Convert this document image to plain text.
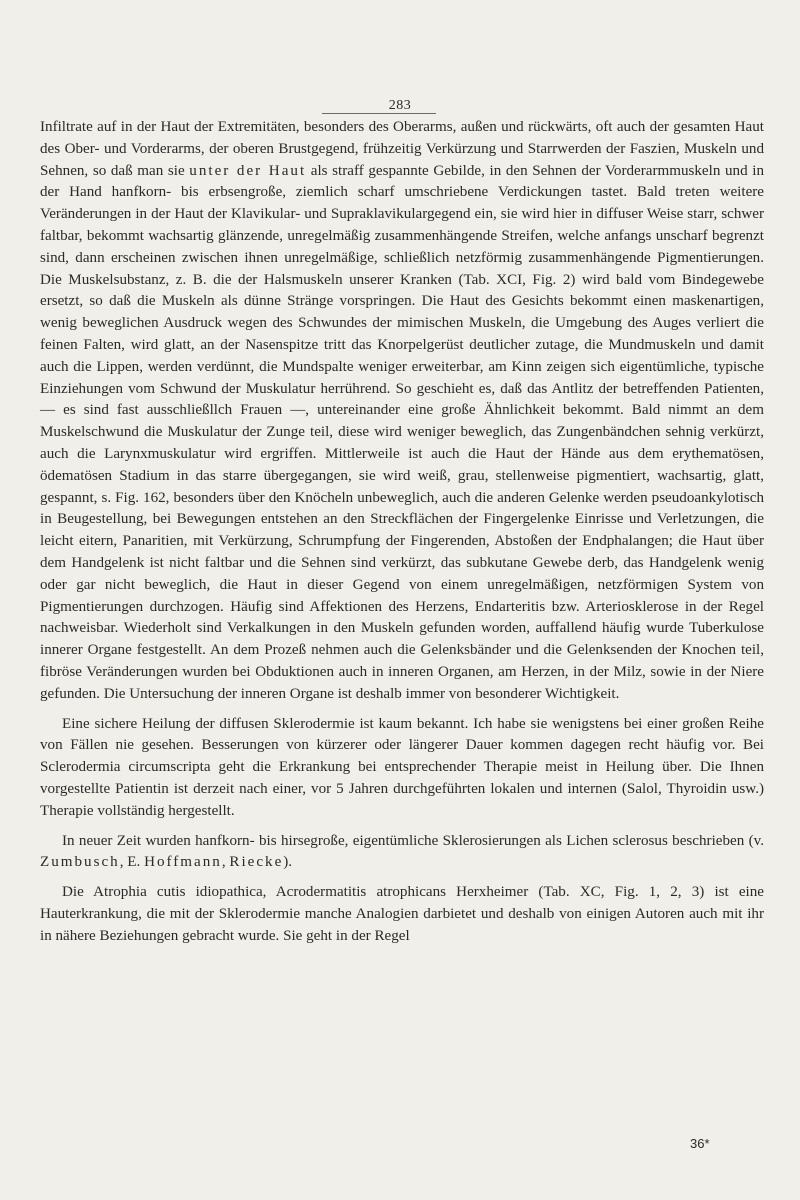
283

Infiltrate auf in der Haut der Extremitäten, besonders des Oberarms, außen und rückwärts, oft auch der gesamten Haut des Ober- und Vorderarms, der oberen Brustgegend, frühzeitig Verkürzung und Starrwerden der Faszien, Muskeln und Sehnen, so daß man sie unter der Haut als straff gespannte Gebilde, in den Sehnen der Vorderarmmuskeln und in der Hand hanfkorn- bis erbsengroße, ziemlich scharf umschriebene Verdickungen tastet. Bald treten weitere Veränderungen in der Haut der Klavikular- und Supraklavikulargegend ein, sie wird hier in diffuser Weise starr, schwer faltbar, bekommt wachsartig glänzende, unregelmäßig zusammenhängende Streifen, welche anfangs unscharf begrenzt sind, dann erscheinen zwischen ihnen unregelmäßige, schließlich netzförmig zusammenhängende Pigmentierungen. Die Muskelsubstanz, z. B. die der Halsmuskeln unserer Kranken (Tab. XCI, Fig. 2) wird bald vom Bindegewebe ersetzt, so daß die Muskeln als dünne Stränge vorspringen. Die Haut des Gesichts bekommt einen maskenartigen, wenig beweglichen Ausdruck wegen des Schwundes der mimischen Muskeln, die Umgebung des Auges verliert die feinen Falten, wird glatt, an der Nasenspitze tritt das Knorpelgerüst deutlicher zutage, die Mundmuskeln und damit auch die Lippen, werden verdünnt, die Mundspalte weniger erweiterbar, am Kinn zeigen sich eigentümliche, typische Einziehungen vom Schwund der Muskulatur herrührend. So geschieht es, daß das Antlitz der betreffenden Patienten, — es sind fast ausschließllch Frauen —, untereinander eine große Ähnlichkeit bekommt. Bald nimmt an dem Muskelschwund die Muskulatur der Zunge teil, diese wird weniger beweglich, das Zungenbändchen sehnig verkürzt, auch die Larynxmuskulatur wird ergriffen. Mittlerweile ist auch die Haut der Hände aus dem erythematösen, ödematösen Stadium in das starre übergegangen, sie wird weiß, grau, stellenweise pigmentiert, wachsartig, glatt, gespannt, s. Fig. 162, besonders über den Knöcheln unbeweglich, auch die anderen Gelenke werden pseudoankylotisch in Beugestellung, bei Bewegungen entstehen an den Streckflächen der Fingergelenke Einrisse und Verletzungen, die leicht eitern, Panaritien, mit Verkürzung, Schrumpfung der Fingerenden, Abstoßen der Endphalangen; die Haut über dem Handgelenk ist nicht faltbar und die Sehnen sind verkürzt, das subkutane Gewebe derb, das Handgelenk wenig oder gar nicht beweglich, die Haut in dieser Gegend von einem unregelmäßigen, netzförmigen System von Pigmentierungen durchzogen. Häufig sind Affektionen des Herzens, Endarteritis bzw. Arteriosklerose in der Regel nachweisbar. Wiederholt sind Verkalkungen in den Muskeln gefunden worden, auffallend häufig wurde Tuberkulose innerer Organe festgestellt. An dem Prozeß nehmen auch die Gelenksbänder und die Gelenksenden der Knochen teil, fibröse Veränderungen wurden bei Obduktionen auch in inneren Organen, am Herzen, in der Milz, sowie in der Niere gefunden. Die Untersuchung der inneren Organe ist deshalb immer von besonderer Wichtigkeit.

Eine sichere Heilung der diffusen Sklerodermie ist kaum bekannt. Ich habe sie wenigstens bei einer großen Reihe von Fällen nie gesehen. Besserungen von kürzerer oder längerer Dauer kommen dagegen recht häufig vor. Bei Sclerodermia circumscripta geht die Erkrankung bei entsprechender Therapie meist in Heilung über. Die Ihnen vorgestellte Patientin ist derzeit nach einer, vor 5 Jahren durchgeführten lokalen und internen (Salol, Thyroidin usw.) Therapie vollständig hergestellt.

In neuer Zeit wurden hanfkorn- bis hirsegroße, eigentümliche Sklerosierungen als Lichen sclerosus beschrieben (v. Zumbusch, E. Hoffmann, Riecke).

Die Atrophia cutis idiopathica, Acrodermatitis atrophicans Herxheimer (Tab. XC, Fig. 1, 2, 3) ist eine Hauterkrankung, die mit der Sklerodermie manche Analogien darbietet und deshalb von einigen Autoren auch mit ihr in nähere Beziehungen gebracht wurde. Sie geht in der Regel

36*
